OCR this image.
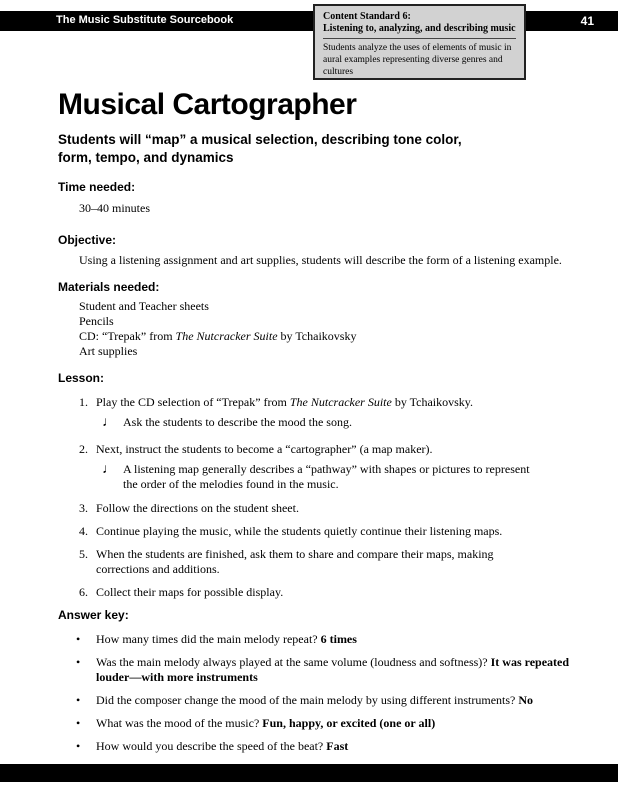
The Music Substitute Sourcebook	41
Content Standard 6:
Listening to, analyzing, and describing music
Students analyze the uses of elements of music in aural examples representing diverse genres and cultures
Musical Cartographer
Students will “map” a musical selection, describing tone color, form, tempo, and dynamics
Time needed:
30–40 minutes
Objective:
Using a listening assignment and art supplies, students will describe the form of a listening example.
Materials needed:
Student and Teacher sheets
Pencils
CD: “Trepak” from The Nutcracker Suite by Tchaikovsky
Art supplies
Lesson:
1. Play the CD selection of “Trepak” from The Nutcracker Suite by Tchaikovsky.
♩ Ask the students to describe the mood the song.
2. Next, instruct the students to become a “cartographer” (a map maker).
♩ A listening map generally describes a “pathway” with shapes or pictures to represent
the order of the melodies found in the music.
3. Follow the directions on the student sheet.
4. Continue playing the music, while the students quietly continue their listening maps.
5. When the students are finished, ask them to share and compare their maps, making
corrections and additions.
6. Collect their maps for possible display.
Answer key:
• How many times did the main melody repeat? 6 times
• Was the main melody always played at the same volume (loudness and softness)? It was repeated
louder—with more instruments
• Did the composer change the mood of the main melody by using different instruments? No
• What was the mood of the music? Fun, happy, or excited (one or all)
• How would you describe the speed of the beat? Fast
